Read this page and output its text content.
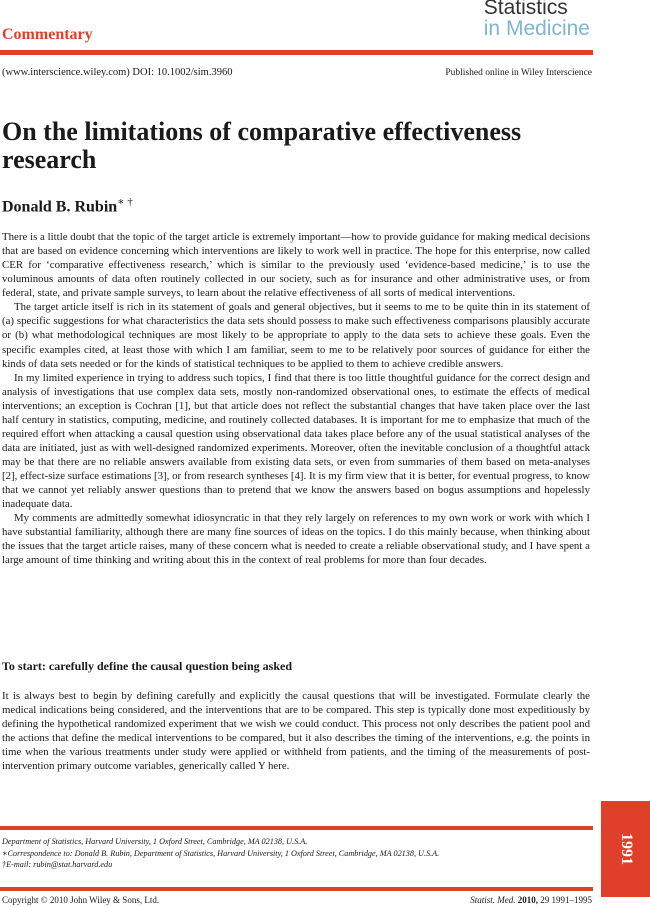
Commentary
Statistics
in Medicine
(www.interscience.wiley.com) DOI: 10.1002/sim.3960	Published online in Wiley Interscience
On the limitations of comparative effectiveness research
Donald B. Rubin∗ †

There is a little doubt that the topic of the target article is extremely important—how to provide guidance for making medical decisions that are based on evidence concerning which interventions are likely to work well in practice. The hope for this enterprise, now called CER for ‘comparative effectiveness research,’ which is similar to the previously used ‘evidence-based medicine,’ is to use the voluminous amounts of data often routinely collected in our society, such as for insurance and other administrative uses, or from federal, state, and private sample surveys, to learn about the relative effectiveness of all sorts of medical interventions.

The target article itself is rich in its statement of goals and general objectives, but it seems to me to be quite thin in its statement of (a) specific suggestions for what characteristics the data sets should possess to make such effectiveness comparisons plausibly accurate or (b) what methodological techniques are most likely to be appropriate to apply to the data sets to achieve these goals. Even the specific examples cited, at least those with which I am familiar, seem to me to be relatively poor sources of guidance for either the kinds of data sets needed or for the kinds of statistical techniques to be applied to them to achieve credible answers.

In my limited experience in trying to address such topics, I find that there is too little thoughtful guidance for the correct design and analysis of investigations that use complex data sets, mostly non-randomized observational ones, to estimate the effects of medical interventions; an exception is Cochran [1], but that article does not reflect the substantial changes that have taken place over the last half century in statistics, computing, medicine, and routinely collected databases. It is important for me to emphasize that much of the required effort when attacking a causal question using observational data takes place before any of the usual statistical analyses of the data are initiated, just as with well-designed randomized experiments. Moreover, often the inevitable conclusion of a thoughtful attack may be that there are no reliable answers available from existing data sets, or even from summaries of them based on meta-analyses [2], effect-size surface estimations [3], or from research syntheses [4]. It is my firm view that it is better, for eventual progress, to know that we cannot yet reliably answer questions than to pretend that we know the answers based on bogus assumptions and hopelessly inadequate data.

My comments are admittedly somewhat idiosyncratic in that they rely largely on references to my own work or work with which I have substantial familiarity, although there are many fine sources of ideas on the topics. I do this mainly because, when thinking about the issues that the target article raises, many of these concern what is needed to create a reliable observational study, and I have spent a large amount of time thinking and writing about this in the context of real problems for more than four decades.

To start: carefully define the causal question being asked

It is always best to begin by defining carefully and explicitly the causal questions that will be investigated. Formulate clearly the medical indications being considered, and the interventions that are to be compared. This step is typically done most expeditiously by defining the hypothetical randomized experiment that we wish we could conduct. This process not only describes the patient pool and the actions that define the medical interventions to be compared, but it also describes the timing of the interventions, e.g. the points in time when the various treatments under study were applied or withheld from patients, and the timing of the measurements of post-intervention primary outcome variables, generically called Y here.

Department of Statistics, Harvard University, 1 Oxford Street, Cambridge, MA 02138, U.S.A.
∗Correspondence to: Donald B. Rubin, Department of Statistics, Harvard University, 1 Oxford Street, Cambridge, MA 02138, U.S.A.
†E-mail: rubin@stat.harvard.edu
Copyright © 2010 John Wiley & Sons, Ltd.	Statist. Med. 2010, 29 1991–1995
1991
